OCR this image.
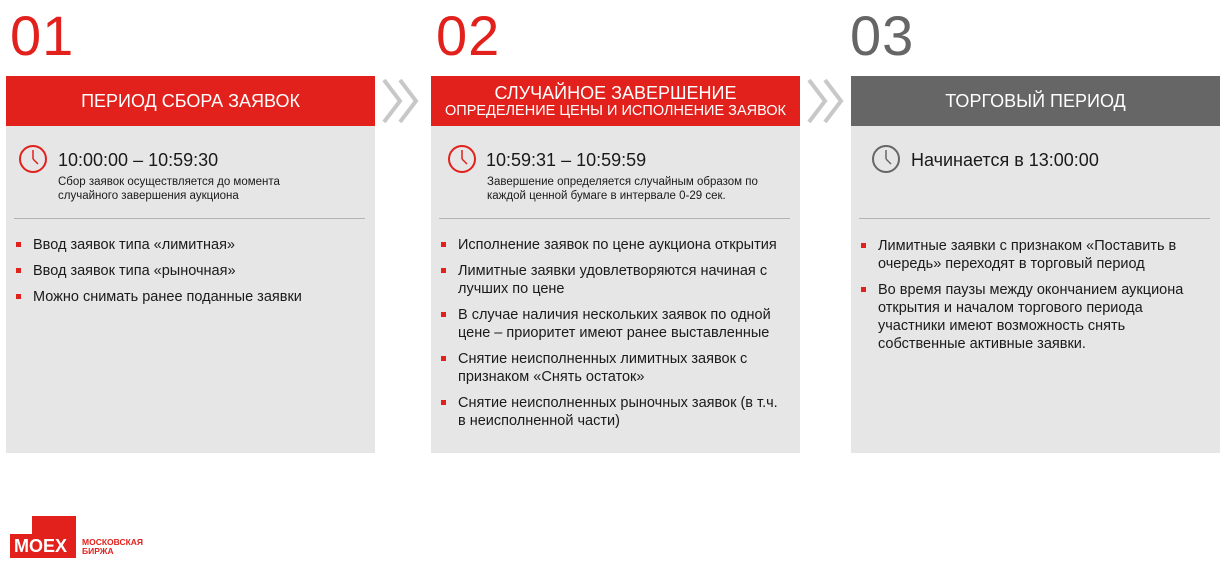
01	02	03
ПЕРИОД СБОРА ЗАЯВОК
10:00:00 – 10:59:30
Сбор заявок осуществляется до момента
случайного завершения аукциона
Ввод заявок типа «лимитная»
Ввод заявок типа «рыночная»
Можно снимать ранее поданные заявки
СЛУЧАЙНОЕ ЗАВЕРШЕНИЕ
ОПРЕДЕЛЕНИЕ ЦЕНЫ И ИСПОЛНЕНИЕ ЗАЯВОК
10:59:31 – 10:59:59
Завершение определяется случайным образом по
каждой ценной бумаге в интервале 0-29 сек.
Исполнение заявок по цене аукциона открытия
Лимитные заявки удовлетворяются начиная с лучших по цене
В случае наличия нескольких заявок по одной цене – приоритет имеют ранее выставленные
Снятие неисполненных лимитных заявок с признаком «Снять остаток»
Снятие неисполненных рыночных заявок (в т.ч. в неисполненной части)
ТОРГОВЫЙ ПЕРИОД
Начинается в 13:00:00
Лимитные заявки с признаком «Поставить в очередь» переходят в торговый период
Во время паузы между окончанием аукциона открытия и началом торгового периода участники имеют возможность снять собственные активные заявки.
MOEX МОСКОВСКАЯ
БИРЖА
